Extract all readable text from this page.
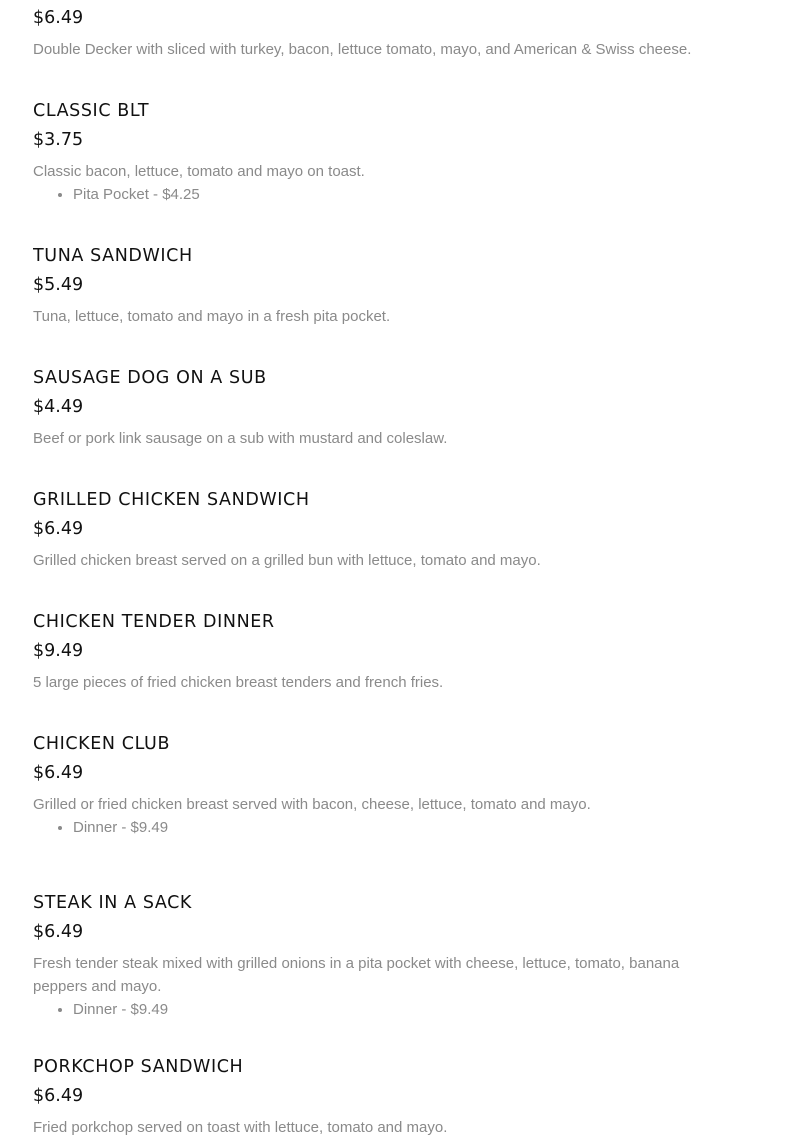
$6.49
Double Decker with sliced with turkey, bacon, lettuce tomato, mayo, and American & Swiss cheese.
CLASSIC BLT
$3.75
Classic bacon, lettuce, tomato and mayo on toast.
• Pita Pocket - $4.25
TUNA SANDWICH
$5.49
Tuna, lettuce, tomato and mayo in a fresh pita pocket.
SAUSAGE DOG ON A SUB
$4.49
Beef or pork link sausage on a sub with mustard and coleslaw.
GRILLED CHICKEN SANDWICH
$6.49
Grilled chicken breast served on a grilled bun with lettuce, tomato and mayo.
CHICKEN TENDER DINNER
$9.49
5 large pieces of fried chicken breast tenders and french fries.
CHICKEN CLUB
$6.49
Grilled or fried chicken breast served with bacon, cheese, lettuce, tomato and mayo.
• Dinner - $9.49
STEAK IN A SACK
$6.49
Fresh tender steak mixed with grilled onions in a pita pocket with cheese, lettuce, tomato, banana peppers and mayo.
• Dinner - $9.49
PORKCHOP SANDWICH
$6.49
Fried porkchop served on toast with lettuce, tomato and mayo.
